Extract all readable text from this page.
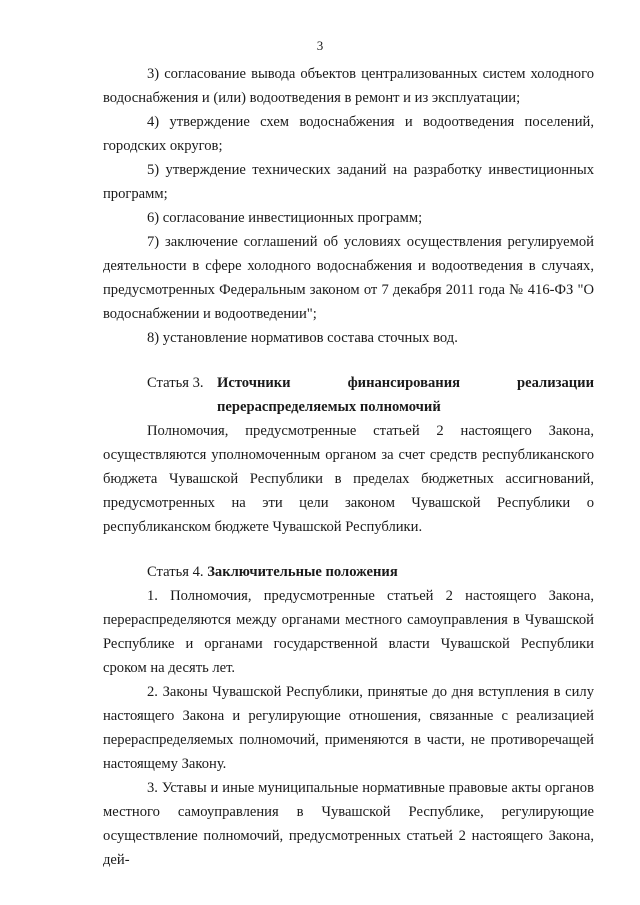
3

3) согласование вывода объектов централизованных систем холодного водоснабжения и (или) водоотведения в ремонт и из эксплуатации;

4) утверждение схем водоснабжения и водоотведения поселений, городских округов;

5) утверждение технических заданий на разработку инвестиционных программ;

6) согласование инвестиционных программ;

7) заключение соглашений об условиях осуществления регулируемой деятельности в сфере холодного водоснабжения и водоотведения в случаях, предусмотренных Федеральным законом от 7 декабря 2011 года № 416-ФЗ "О водоснабжении и водоотведении";

8) установление нормативов состава сточных вод.

Статья 3. Источники финансирования реализации перераспределяемых полномочий

Полномочия, предусмотренные статьей 2 настоящего Закона, осуществляются уполномоченным органом за счет средств республиканского бюджета Чувашской Республики в пределах бюджетных ассигнований, предусмотренных на эти цели законом Чувашской Республики о республиканском бюджете Чувашской Республики.

Статья 4. Заключительные положения

1. Полномочия, предусмотренные статьей 2 настоящего Закона, перераспределяются между органами местного самоуправления в Чувашской Республике и органами государственной власти Чувашской Республики сроком на десять лет.

2. Законы Чувашской Республики, принятые до дня вступления в силу настоящего Закона и регулирующие отношения, связанные с реализацией перераспределяемых полномочий, применяются в части, не противоречащей настоящему Закону.

3. Уставы и иные муниципальные нормативные правовые акты органов местного самоуправления в Чувашской Республике, регулирующие осуществление полномочий, предусмотренных статьей 2 настоящего Закона, дей-
